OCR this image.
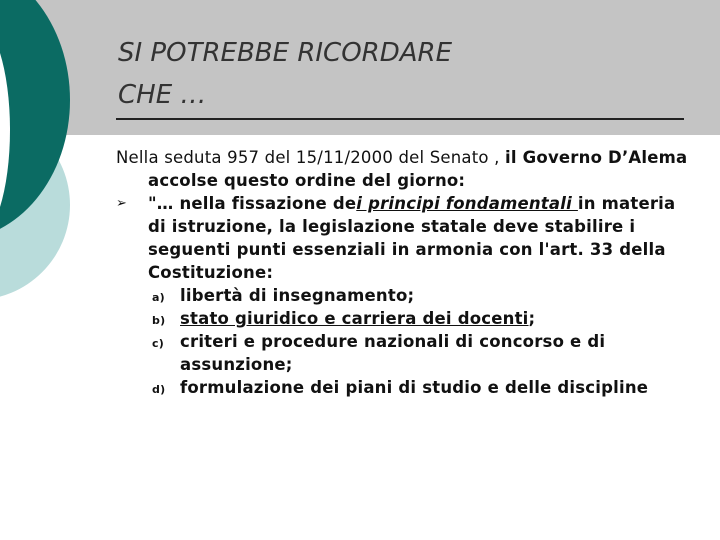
SI POTREBBE RICORDARE
CHE …

Nella seduta 957 del 15/11/2000 del Senato , il Governo D’Alema accolse questo ordine del giorno:

➢ "… nella fissazione dei principi fondamentali in materia di istruzione, la legislazione statale deve stabilire i seguenti punti essenziali in armonia con l'art. 33 della Costituzione:
a) libertà di insegnamento;
b) stato giuridico e carriera dei docenti;
c) criteri e procedure nazionali di concorso e di assunzione;
d) formulazione dei piani di studio e delle discipline
